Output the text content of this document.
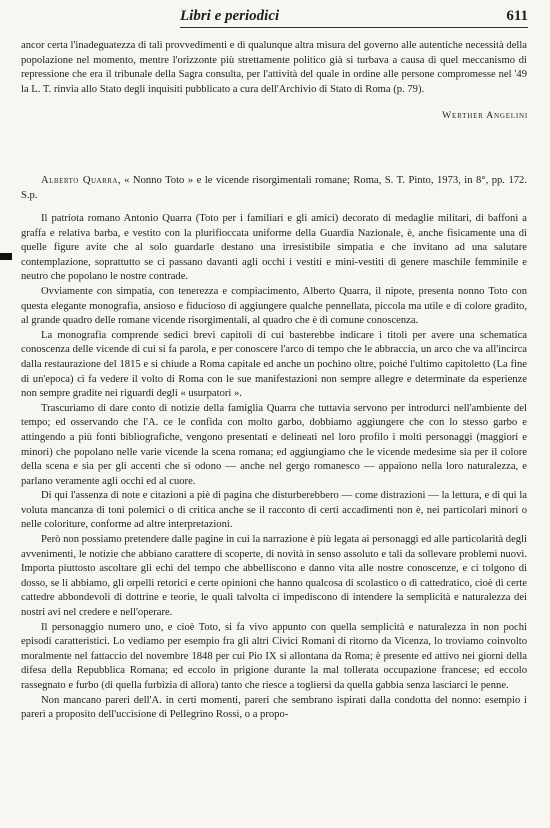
Libri e periodici	611

ancor certa l'inadeguatezza di tali provvedimenti e di qualunque altra misura del governo alle autentiche necessità della popolazione nel momento, mentre l'orizzonte più strettamente politico già si turbava a causa di quel meccanismo di repressione che era il tribunale della Sagra consulta, per l'attività del quale in ordine alle persone compromesse nel '49 la L. T. rinvia allo Stato degli inquisiti pubblicato a cura dell'Archivio di Stato di Roma (p. 79).

Werther Angelini

Alberto Quarra, « Nonno Toto » e le vicende risorgimentali romane; Roma, S. T. Pinto, 1973, in 8°, pp. 172. S.p.

Il patriota romano Antonio Quarra (Toto per i familiari e gli amici) decorato di medaglie militari, di baffoni a graffa e relativa barba, e vestito con la plurifioccata uniforme della Guardia Nazionale, è, anche fisicamente una di quelle figure avite che al solo guardarle destano una irresistibile simpatia e che invitano ad una salutare contemplazione, soprattutto se ci passano davanti agli occhi i vestiti e mini-vestiti di genere maschile femminile e neutro che popolano le nostre contrade.

Ovviamente con simpatia, con tenerezza e compiacimento, Alberto Quarra, il nipote, presenta nonno Toto con questa elegante monografia, ansioso e fiducioso di aggiungere qualche pennellata, piccola ma utile e di colore gradito, al grande quadro delle romane vicende risorgimentali, al quadro che è di comune conoscenza.

La monografia comprende sedici brevi capitoli di cui basterebbe indicare i titoli per avere una schematica conoscenza delle vicende di cui si fa parola, e per conoscere l'arco di tempo che le abbraccia, un arco che va all'incirca dalla restaurazione del 1815 e si chiude a Roma capitale ed anche un pochino oltre, poiché l'ultimo capitoletto (La fine di un'epoca) ci fa vedere il volto di Roma con le sue manifestazioni non sempre allegre e determinate da esperienze non sempre gradite nei riguardi degli « usurpatori ».

Trascuriamo di dare conto di notizie della famiglia Quarra che tuttavia servono per introdurci nell'ambiente del tempo; ed osservando che l'A. ce le confida con molto garbo, dobbiamo aggiungere che con lo stesso garbo e attingendo a più fonti bibliografiche, vengono presentati e delineati nel loro profilo i molti personaggi (maggiori e minori) che popolano nelle varie vicende la scena romana; ed aggiungiamo che le vicende medesime sia per il colore della scena e sia per gli accenti che si odono — anche nel gergo romanesco — appaiono nella loro naturalezza, e parlano veramente agli occhi ed al cuore.

Di qui l'assenza di note e citazioni a piè di pagina che disturberebbero — come distrazioni — la lettura, e di qui la voluta mancanza di toni polemici o di critica anche se il racconto di certi accadimenti non è, nei particolari minori o nelle coloriture, conforme ad altre interpretazioni.

Però non possiamo pretendere dalle pagine in cui la narrazione è più legata ai personaggi ed alle particolarità degli avvenimenti, le notizie che abbiano carattere di scoperte, di novità in senso assoluto e tali da sollevare problemi nuovi. Importa piuttosto ascoltare gli echi del tempo che abbelliscono e danno vita alle nostre conoscenze, e ci tolgono di dosso, se li abbiamo, gli orpelli retorici e certe opinioni che hanno qualcosa di scolastico o di cattedratico, cioè di certe cattedre abbondevoli di dottrine e teorie, le quali talvolta ci impediscono di intendere la semplicità e naturalezza dei nostri avi nel credere e nell'operare.

Il personaggio numero uno, e cioè Toto, si fa vivo appunto con quella semplicità e naturalezza in non pochi episodi caratteristici. Lo vediamo per esempio fra gli altri Civici Romani di ritorno da Vicenza, lo troviamo coinvolto moralmente nel fattaccio del novembre 1848 per cui Pio IX si allontana da Roma; è presente ed attivo nei giorni della difesa della Repubblica Romana; ed eccolo in prigione durante la mal tollerata occupazione francese; ed eccolo rassegnato e furbo (di quella furbizia di allora) tanto che riesce a togliersi da quella gabbia senza lasciarci le penne.

Non mancano pareri dell'A. in certi momenti, pareri che sembrano ispirati dalla condotta del nonno: esempio i pareri a proposito dell'uccisione di Pellegrino Rossi, o a propo-
